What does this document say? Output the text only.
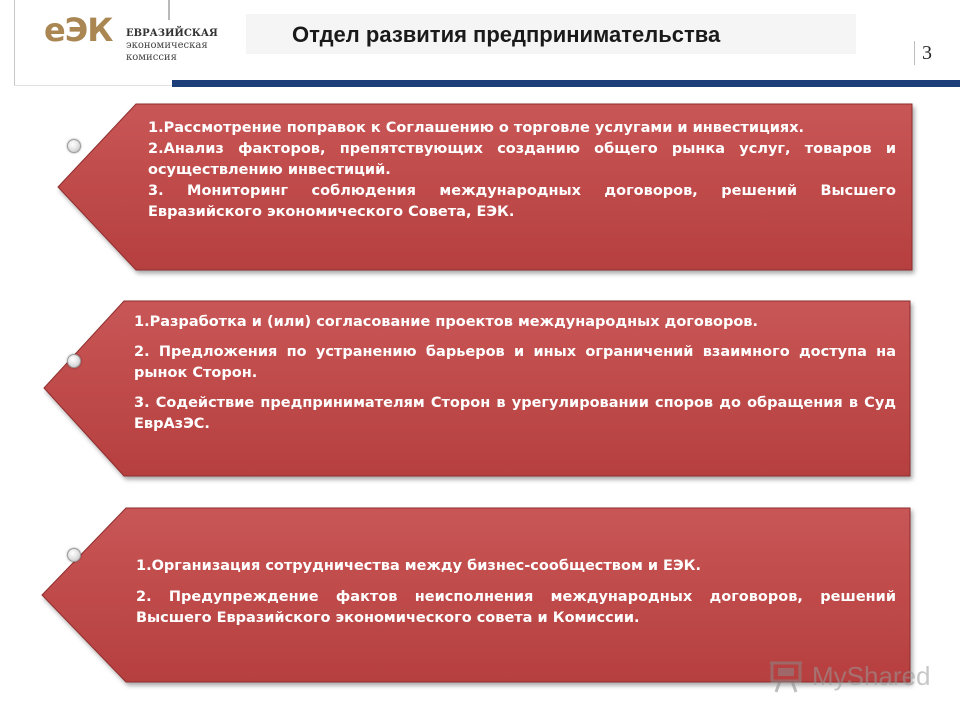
еЭК ЕВРАЗИЙСКАЯ
экономическая
комиссия
Отдел развития предпринимательства
3

1.Рассмотрение поправок к Соглашению о торговле услугами и инвестициях.

2.Анализ факторов, препятствующих созданию общего рынка услуг, товаров и осуществлению инвестиций.

3. Мониторинг соблюдения международных договоров, решений Высшего Евразийского экономического Совета, ЕЭК.

1.Разработка и (или) согласование проектов международных договоров.

2. Предложения по устранению барьеров и иных ограничений взаимного доступа на рынок Сторон.

3. Содействие предпринимателям Сторон в урегулировании споров до обращения в Суд ЕврАзЭС.

1.Организация сотрудничества между бизнес-сообществом и ЕЭК.

2. Предупреждение фактов неисполнения международных договоров, решений Высшего Евразийского экономического совета и Комиссии.

MyShared
